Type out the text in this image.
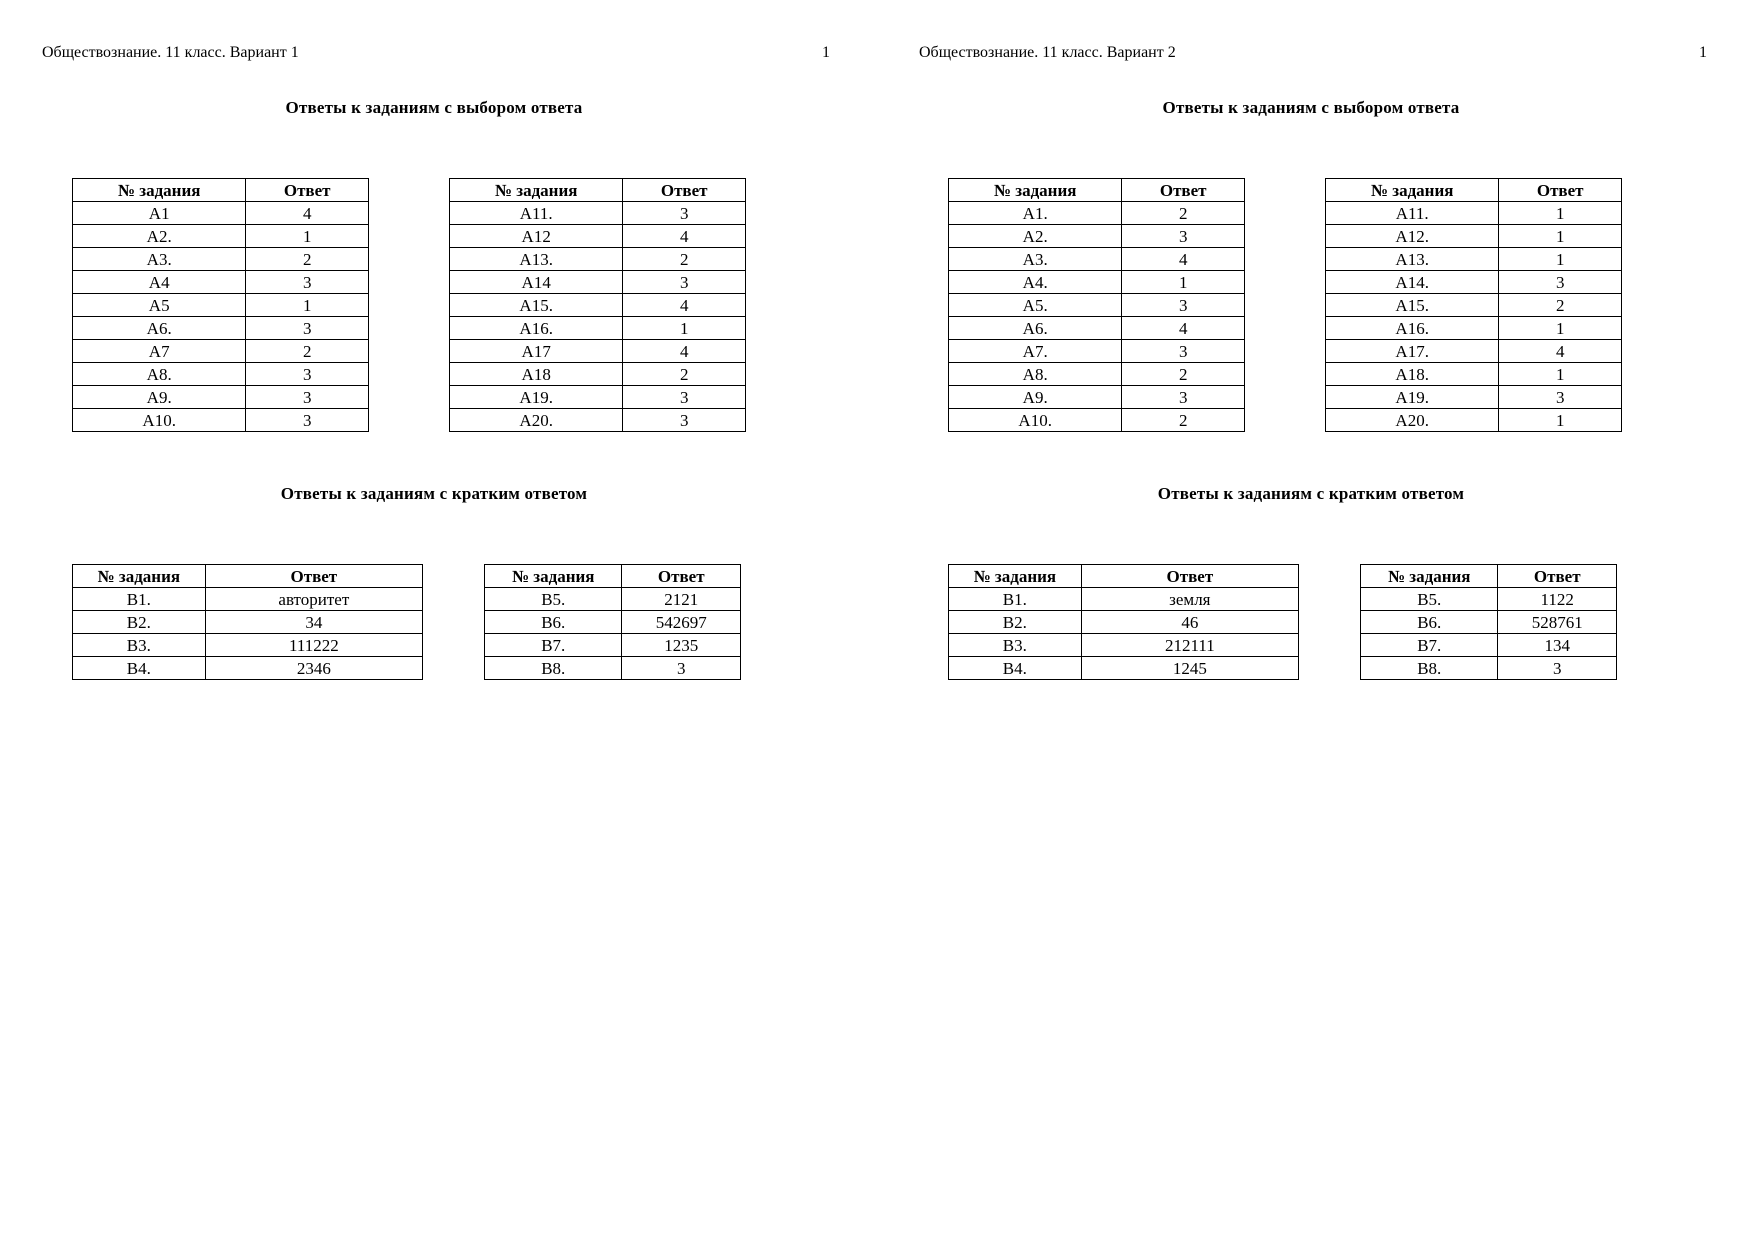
Обществознание. 11 класс. Вариант 1	1
Ответы к заданиям с выбором ответа
№ задания	Ответ
A1	4
A2.	1
A3.	2
A4	3
A5	1
A6.	3
A7	2
A8.	3
A9.	3
A10.	3
№ задания	Ответ
A11.	3
A12	4
A13.	2
A14	3
A15.	4
A16.	1
A17	4
A18	2
A19.	3
A20.	3
Ответы к заданиям с кратким ответом
№ задания	Ответ
B1.	авторитет
B2.	34
B3.	111222
B4.	2346
№ задания	Ответ
B5.	2121
B6.	542697
B7.	1235
B8.	3
Обществознание. 11 класс. Вариант 2	1
Ответы к заданиям с выбором ответа
№ задания	Ответ
A1.	2
A2.	3
A3.	4
A4.	1
A5.	3
A6.	4
A7.	3
A8.	2
A9.	3
A10.	2
№ задания	Ответ
A11.	1
A12.	1
A13.	1
A14.	3
A15.	2
A16.	1
A17.	4
A18.	1
A19.	3
A20.	1
Ответы к заданиям с кратким ответом
№ задания	Ответ
B1.	земля
B2.	46
B3.	212111
B4.	1245
№ задания	Ответ
B5.	1122
B6.	528761
B7.	134
B8.	3
